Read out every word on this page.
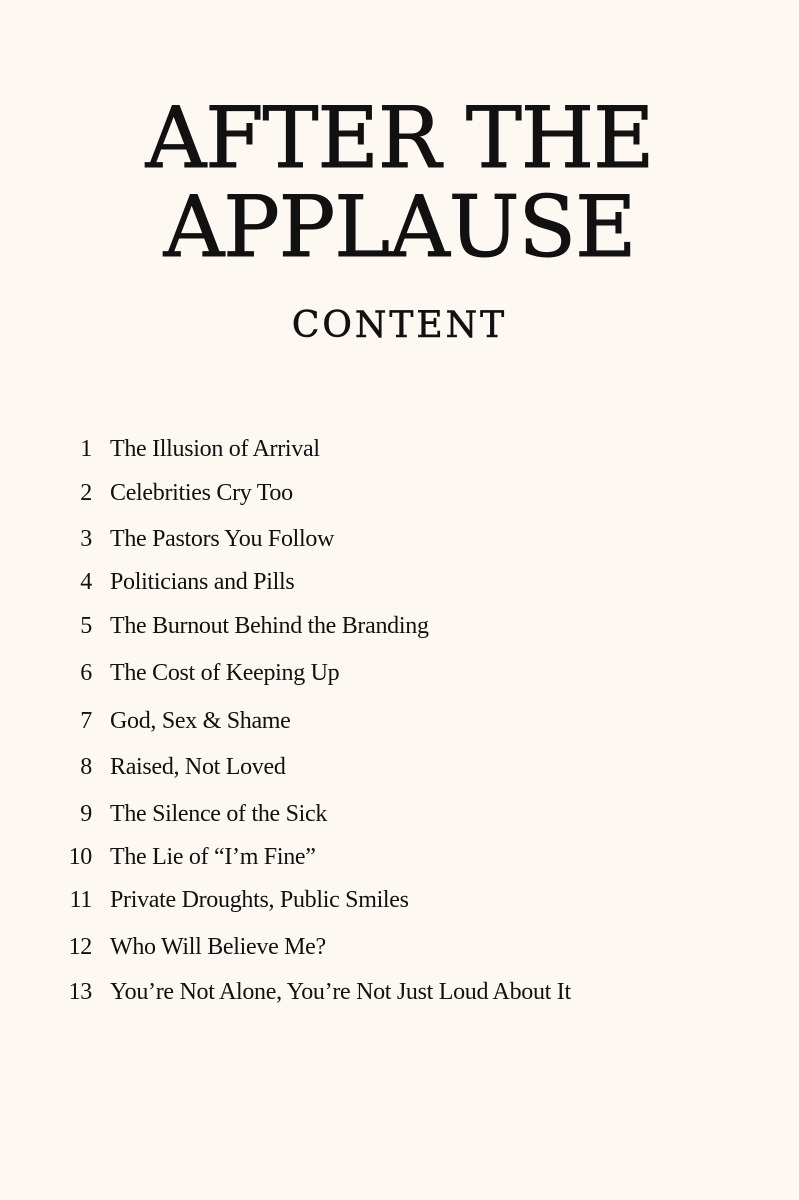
AFTER THE
APPLAUSE
CONTENT
1 The Illusion of Arrival
2 Celebrities Cry Too
3 The Pastors You Follow
4 Politicians and Pills
5 The Burnout Behind the Branding
6 The Cost of Keeping Up
7 God, Sex & Shame
8 Raised, Not Loved
9 The Silence of the Sick
10 The Lie of “I’m Fine”
11 Private Droughts, Public Smiles
12 Who Will Believe Me?
13 You’re Not Alone, You’re Not Just Loud About It
